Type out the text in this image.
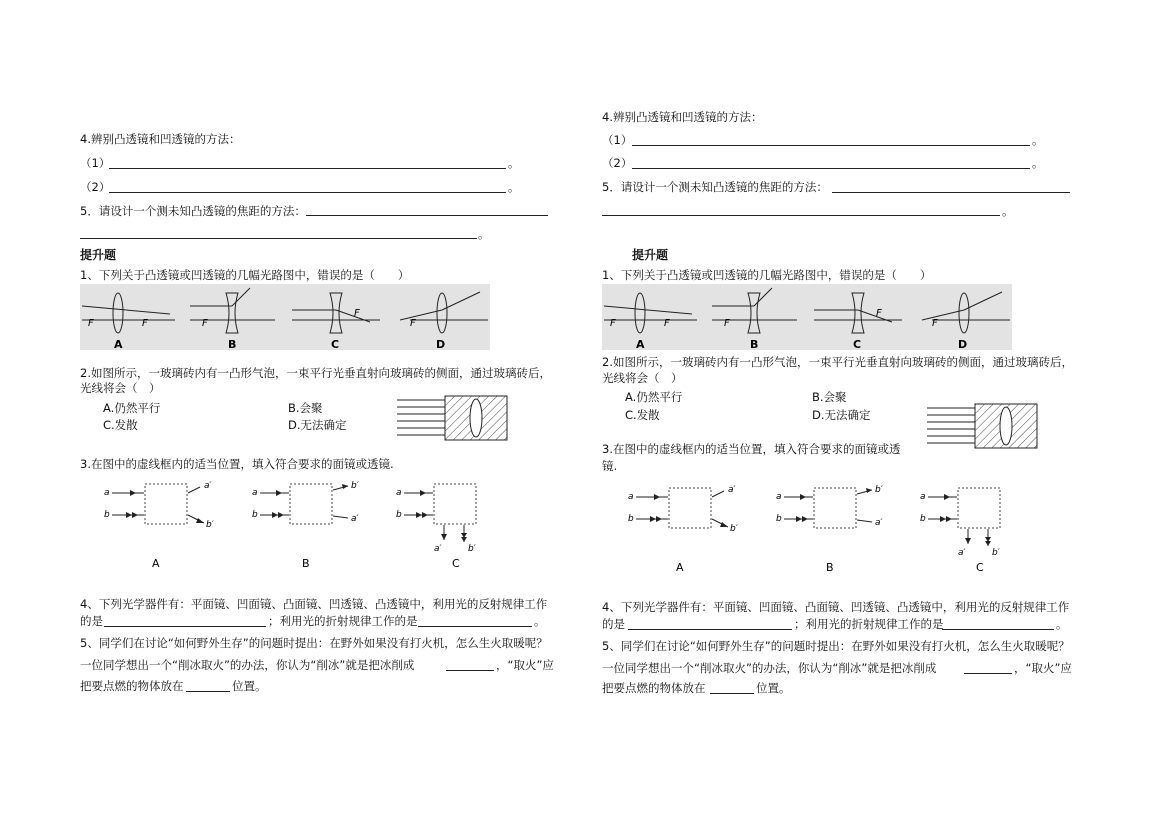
4.辨别凸透镜和凹透镜的方法：
（1）	。
（2）	。
5．请设计一个测未知凸透镜的焦距的方法：
。
提升题
1、下列关于凸透镜或凹透镜的几幅光路图中，错误的是（　　）
F	F
A
F
B
F
C
F
D
2.如图所示，一玻璃砖内有一凸形气泡，一束平行光垂直射向玻璃砖的侧面，通过玻璃砖后，
光线将会（　）
A.仍然平行	B.会聚
C.发散	D.无法确定
3.在图中的虚线框内的适当位置，填入符合要求的面镜或透镜.
a
b
a′
b′
A
a
b
b′
a′
B
a
b
a′	b′
C
4、下列光学器件有：平面镜、凹面镜、凸面镜、凹透镜、凸透镜中，利用光的反射规律工作
的是	；利用光的折射规律工作的是	。
5、同学们在讨论“如何野外生存”的问题时提出：在野外如果没有打火机，怎么生火取暖呢？
一位同学想出一个“削冰取火”的办法，你认为“削冰”就是把冰削成	，“取火”应
把要点燃的物体放在	位置。
4.辨别凸透镜和凹透镜的方法：
（1）	。
（2）	。
5．请设计一个测未知凸透镜的焦距的方法：
。
提升题
1、下列关于凸透镜或凹透镜的几幅光路图中，错误的是（　　）
F	F
A
F
B
F
C
F
D
2.如图所示，一玻璃砖内有一凸形气泡，一束平行光垂直射向玻璃砖的侧面，通过玻璃砖后，
光线将会（　）
A.仍然平行	B.会聚
C.发散	D.无法确定
3.在图中的虚线框内的适当位置，填入符合要求的面镜或透
镜.
a
b
a′
b′
A
a
b
b′
a′
B
a
b
a′	b′
C
4、下列光学器件有：平面镜、凹面镜、凸面镜、凹透镜、凸透镜中，利用光的反射规律工作
的是	；利用光的折射规律工作的是	。
5、同学们在讨论“如何野外生存”的问题时提出：在野外如果没有打火机，怎么生火取暖呢？
一位同学想出一个“削冰取火”的办法，你认为“削冰”就是把冰削成	，“取火”应
把要点燃的物体放在	位置。
